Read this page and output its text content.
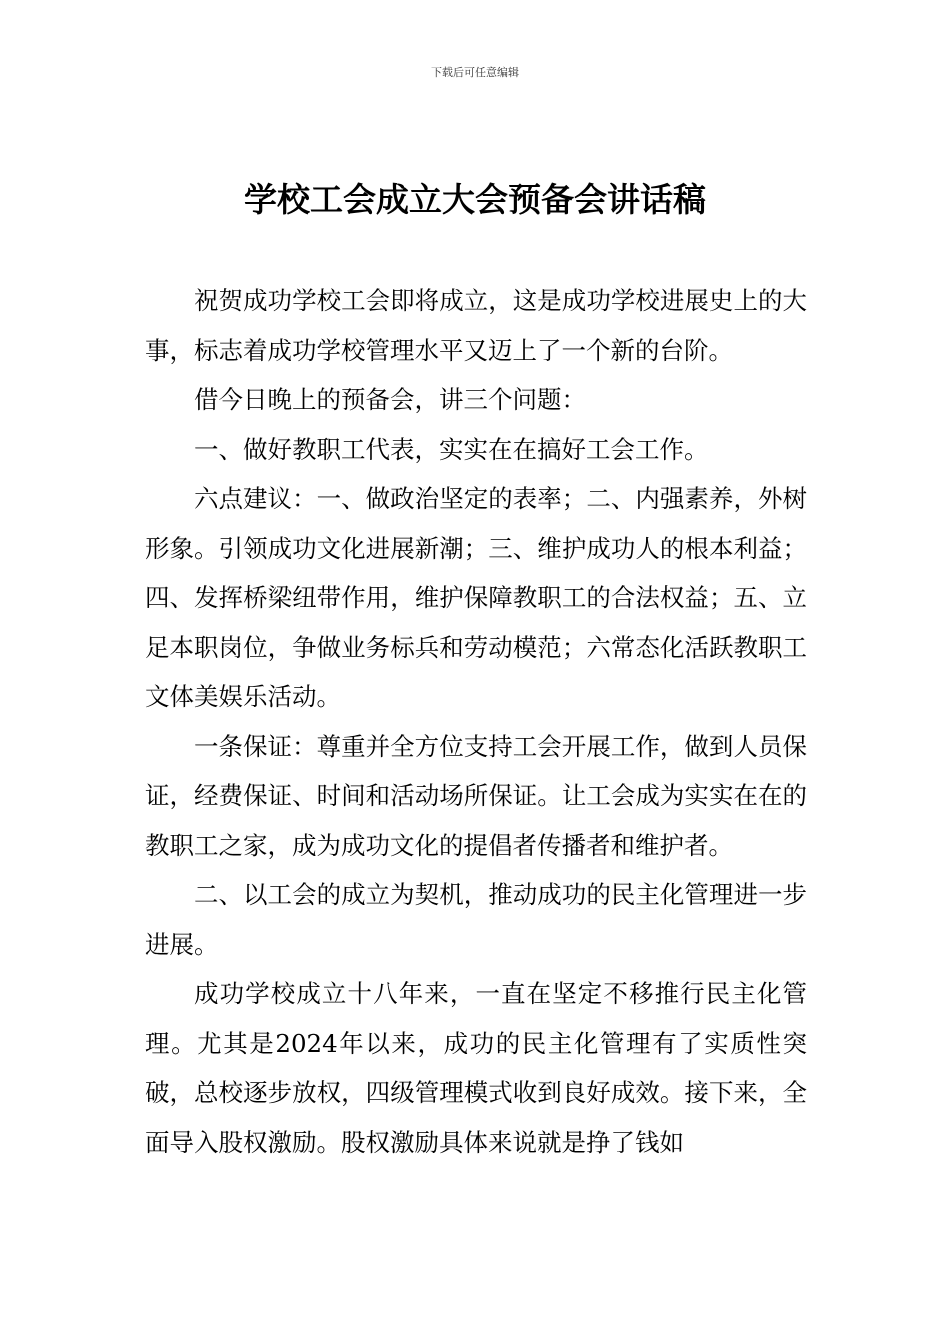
下载后可任意编辑
学校工会成立大会预备会讲话稿

祝贺成功学校工会即将成立，这是成功学校进展史上的大事，标志着成功学校管理水平又迈上了一个新的台阶。

借今日晚上的预备会，讲三个问题：

一、做好教职工代表，实实在在搞好工会工作。

六点建议：一、做政治坚定的表率；二、内强素养，外树形象。引领成功文化进展新潮；三、维护成功人的根本利益；四、发挥桥梁纽带作用，维护保障教职工的合法权益；五、立足本职岗位，争做业务标兵和劳动模范；六常态化活跃教职工文体美娱乐活动。

一条保证：尊重并全方位支持工会开展工作，做到人员保证，经费保证、时间和活动场所保证。让工会成为实实在在的教职工之家，成为成功文化的提倡者传播者和维护者。

二、以工会的成立为契机，推动成功的民主化管理进一步进展。

成功学校成立十八年来，一直在坚定不移推行民主化管理。尤其是2024年以来，成功的民主化管理有了实质性突破，总校逐步放权，四级管理模式收到良好成效。接下来，全面导入股权激励。股权激励具体来说就是挣了钱如
